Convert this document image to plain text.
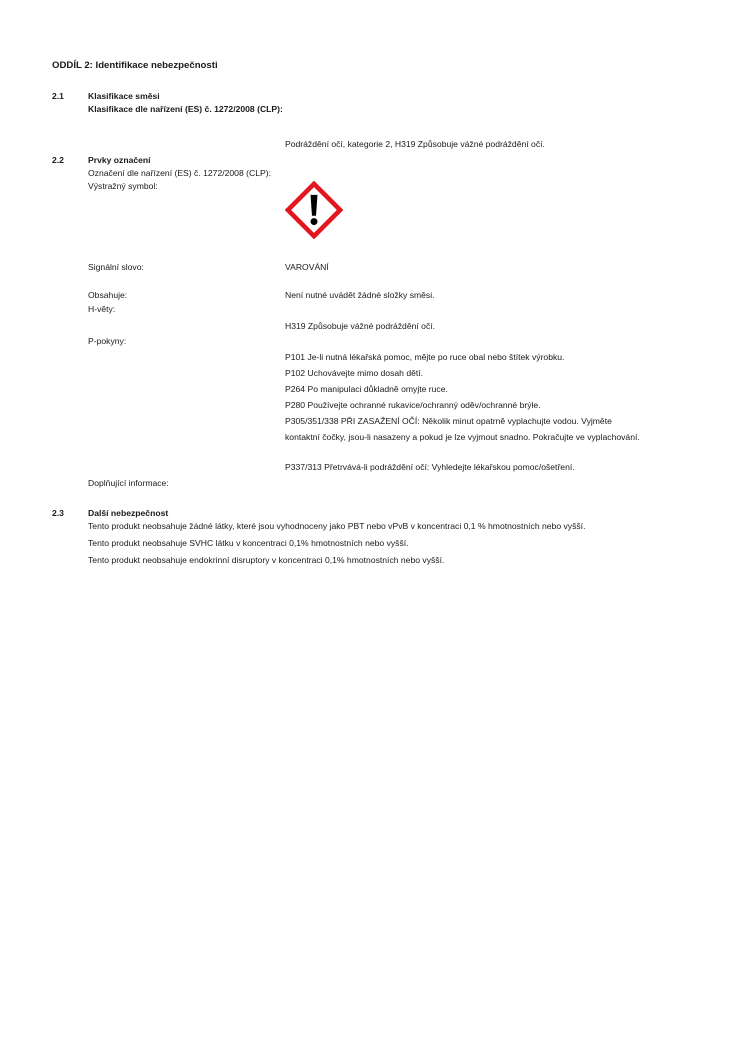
ODDÍL 2: Identifikace nebezpečnosti
2.1	Klasifikace směsi
Klasifikace dle nařízení (ES) č. 1272/2008 (CLP):
Podráždění očí, kategorie 2, H319 Způsobuje vážné podráždění očí.
2.2	Prvky označení
Označení dle nařízení (ES) č. 1272/2008 (CLP):
Výstražný symbol:
Signální slovo:	VAROVÁNÍ
Obsahuje:	Není nutné uvádět žádné složky směsi.
H-věty:
H319 Způsobuje vážné podráždění očí.
P-pokyny:
P101 Je-li nutná lékařská pomoc, mějte po ruce obal nebo štítek výrobku.
P102 Uchovávejte mimo dosah dětí.
P264 Po manipulaci důkladně omyjte ruce.
P280 Používejte ochranné rukavice/ochranný oděv/ochranné brýle.
P305/351/338 PŘI ZASAŽENÍ OČÍ: Několik minut opatrně vyplachujte vodou. Vyjměte
kontaktní čočky, jsou-li nasazeny a pokud je lze vyjmout snadno. Pokračujte ve vyplachování.
P337/313 Přetrvává-li podráždění očí: Vyhledejte lékařskou pomoc/ošetření.
Doplňující informace:
2.3	Další nebezpečnost
Tento produkt neobsahuje žádné látky, které jsou vyhodnoceny jako PBT nebo vPvB v koncentraci 0,1 % hmotnostních nebo vyšší.
Tento produkt neobsahuje SVHC látku v koncentraci 0,1% hmotnostních nebo vyšší.
Tento produkt neobsahuje endokrinní disruptory v koncentraci 0,1% hmotnostních nebo vyšší.
